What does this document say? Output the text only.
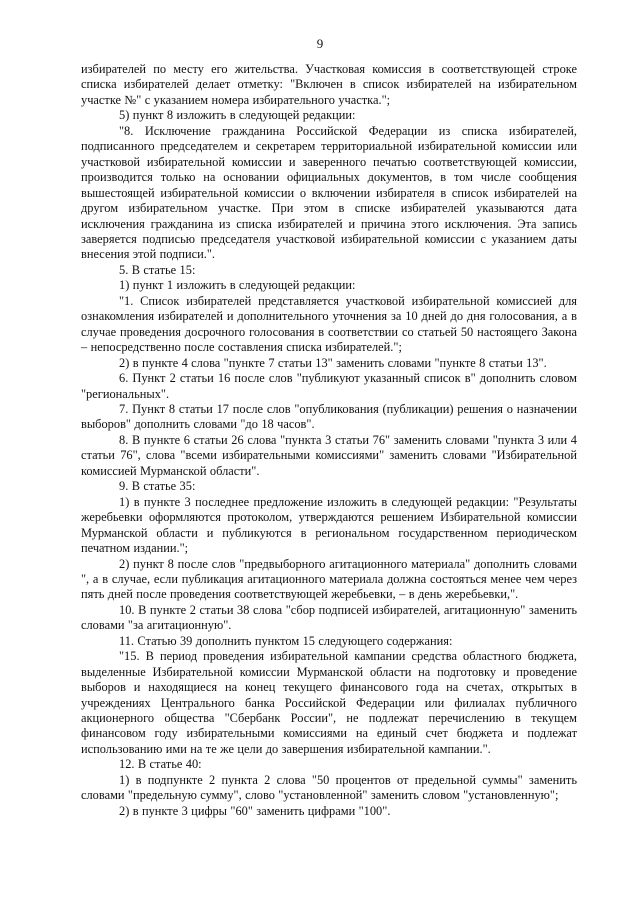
9

избирателей по месту его жительства. Участковая комиссия в соответствующей строке списка избирателей делает отметку: "Включен в список избирателей на избирательном участке №" с указанием номера избирательного участка.";

5) пункт 8 изложить в следующей редакции:

"8. Исключение гражданина Российской Федерации из списка избирателей, подписанного председателем и секретарем территориальной избирательной комиссии или участковой избирательной комиссии и заверенного печатью соответствующей комиссии, производится только на основании официальных документов, в том числе сообщения вышестоящей избирательной комиссии о включении избирателя в список избирателей на другом избирательном участке. При этом в списке избирателей указываются дата исключения гражданина из списка избирателей и причина этого исключения. Эта запись заверяется подписью председателя участковой избирательной комиссии с указанием даты внесения этой подписи.".

5. В статье 15:

1) пункт 1 изложить в следующей редакции:

"1. Список избирателей представляется участковой избирательной комиссией для ознакомления избирателей и дополнительного уточнения за 10 дней до дня голосования, а в случае проведения досрочного голосования в соответствии со статьей 50 настоящего Закона – непосредственно после составления списка избирателей.";

2) в пункте 4 слова "пункте 7 статьи 13" заменить словами "пункте 8 статьи 13".

6. Пункт 2 статьи 16 после слов "публикуют указанный список в" дополнить словом "региональных".

7. Пункт 8 статьи 17 после слов "опубликования (публикации) решения о назначении выборов" дополнить словами "до 18 часов".

8. В пункте 6 статьи 26 слова "пункта 3 статьи 76" заменить словами "пункта 3 или 4 статьи 76", слова "всеми избирательными комиссиями" заменить словами "Избирательной комиссией Мурманской области".

9. В статье 35:

1) в пункте 3 последнее предложение изложить в следующей редакции: "Результаты жеребьевки оформляются протоколом, утверждаются решением Избирательной комиссии Мурманской области и публикуются в региональном государственном периодическом печатном издании.";

2) пункт 8 после слов "предвыборного агитационного материала" дополнить словами ", а в случае, если публикация агитационного материала должна состояться менее чем через пять дней после проведения соответствующей жеребьевки, – в день жеребьевки,".

10. В пункте 2 статьи 38 слова "сбор подписей избирателей, агитационную" заменить словами "за агитационную".

11. Статью 39 дополнить пунктом 15 следующего содержания:

"15. В период проведения избирательной кампании средства областного бюджета, выделенные Избирательной комиссии Мурманской области на подготовку и проведение выборов и находящиеся на конец текущего финансового года на счетах, открытых в учреждениях Центрального банка Российской Федерации или филиалах публичного акционерного общества "Сбербанк России", не подлежат перечислению в текущем финансовом году избирательными комиссиями на единый счет бюджета и подлежат использованию ими на те же цели до завершения избирательной кампании.".

12. В статье 40:

1) в подпункте 2 пункта 2 слова "50 процентов от предельной суммы" заменить словами "предельную сумму", слово "установленной" заменить словом "установленную";

2) в пункте 3 цифры "60" заменить цифрами "100".
